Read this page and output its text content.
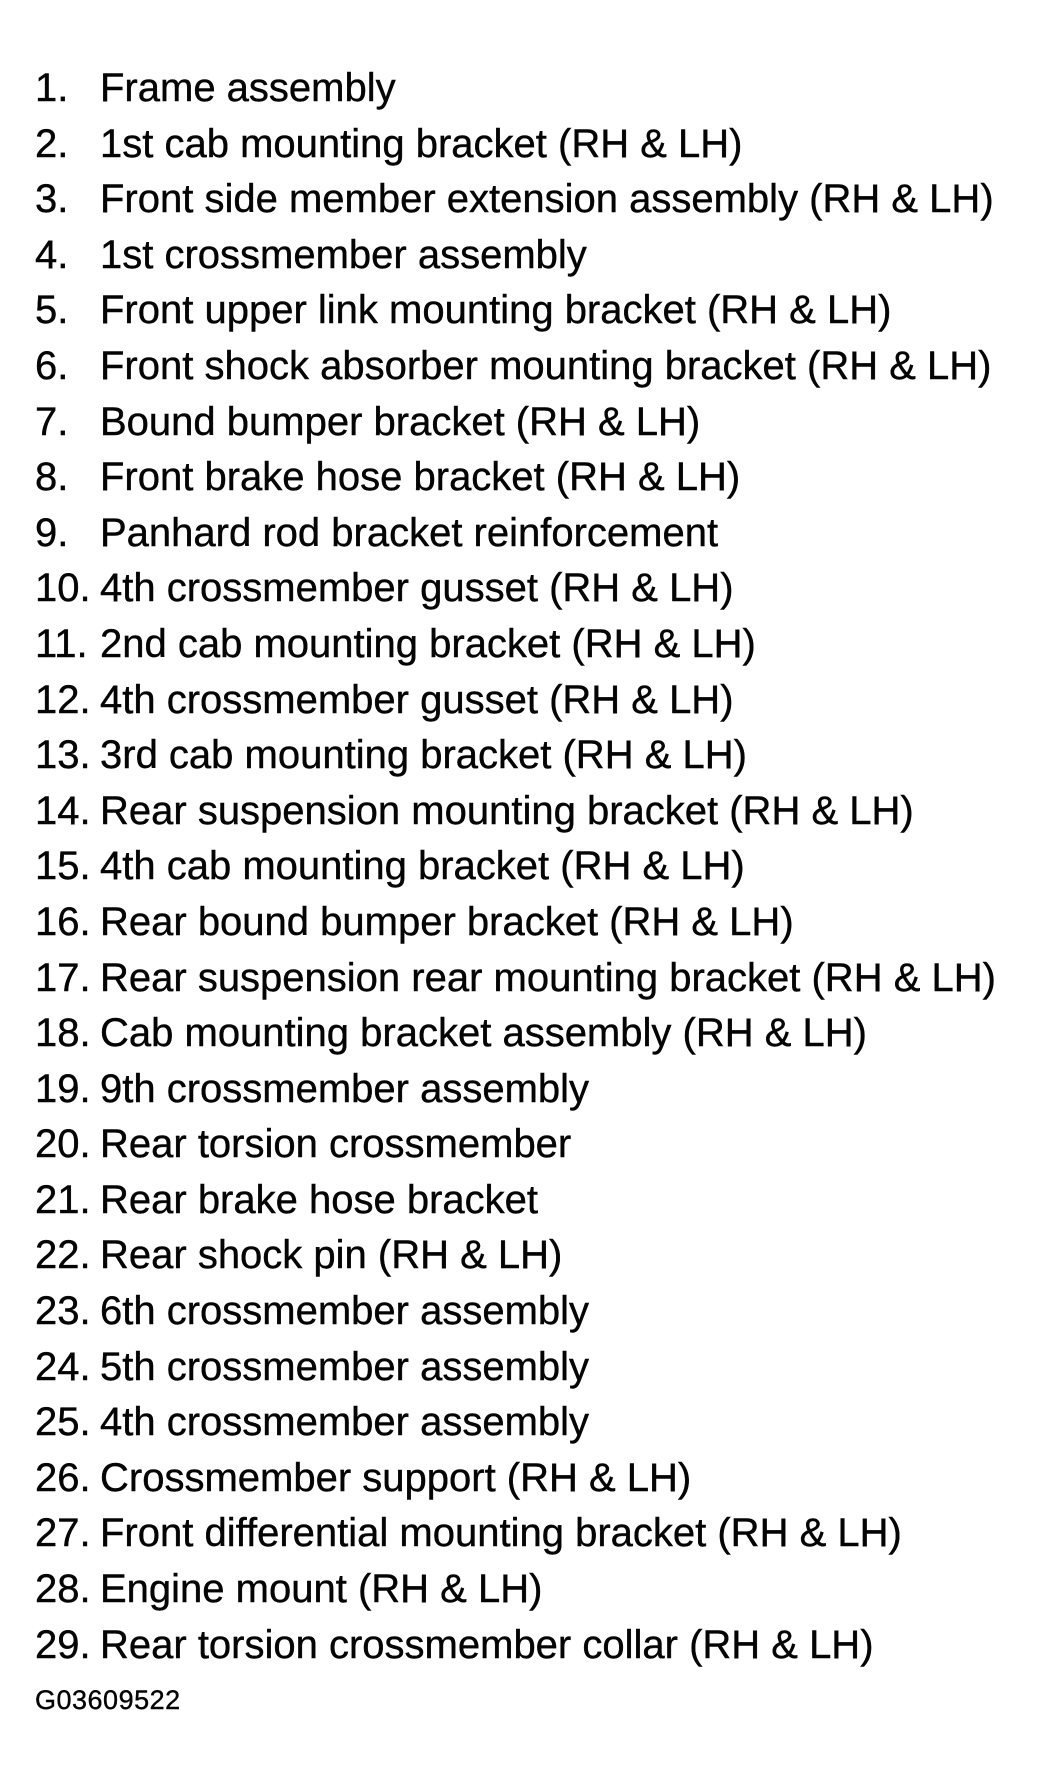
1. Frame assembly
2. 1st cab mounting bracket (RH & LH)
3. Front side member extension assembly (RH & LH)
4. 1st crossmember assembly
5. Front upper link mounting bracket (RH & LH)
6. Front shock absorber mounting bracket (RH & LH)
7. Bound bumper bracket (RH & LH)
8. Front brake hose bracket (RH & LH)
9. Panhard rod bracket reinforcement
10. 4th crossmember gusset (RH & LH)
11. 2nd cab mounting bracket (RH & LH)
12. 4th crossmember gusset (RH & LH)
13. 3rd cab mounting bracket (RH & LH)
14. Rear suspension mounting bracket (RH & LH)
15. 4th cab mounting bracket (RH & LH)
16. Rear bound bumper bracket (RH & LH)
17. Rear suspension rear mounting bracket (RH & LH)
18. Cab mounting bracket assembly (RH & LH)
19. 9th crossmember assembly
20. Rear torsion crossmember
21. Rear brake hose bracket
22. Rear shock pin (RH & LH)
23. 6th crossmember assembly
24. 5th crossmember assembly
25. 4th crossmember assembly
26. Crossmember support (RH & LH)
27. Front differential mounting bracket (RH & LH)
28. Engine mount (RH & LH)
29. Rear torsion crossmember collar (RH & LH)
G03609522
